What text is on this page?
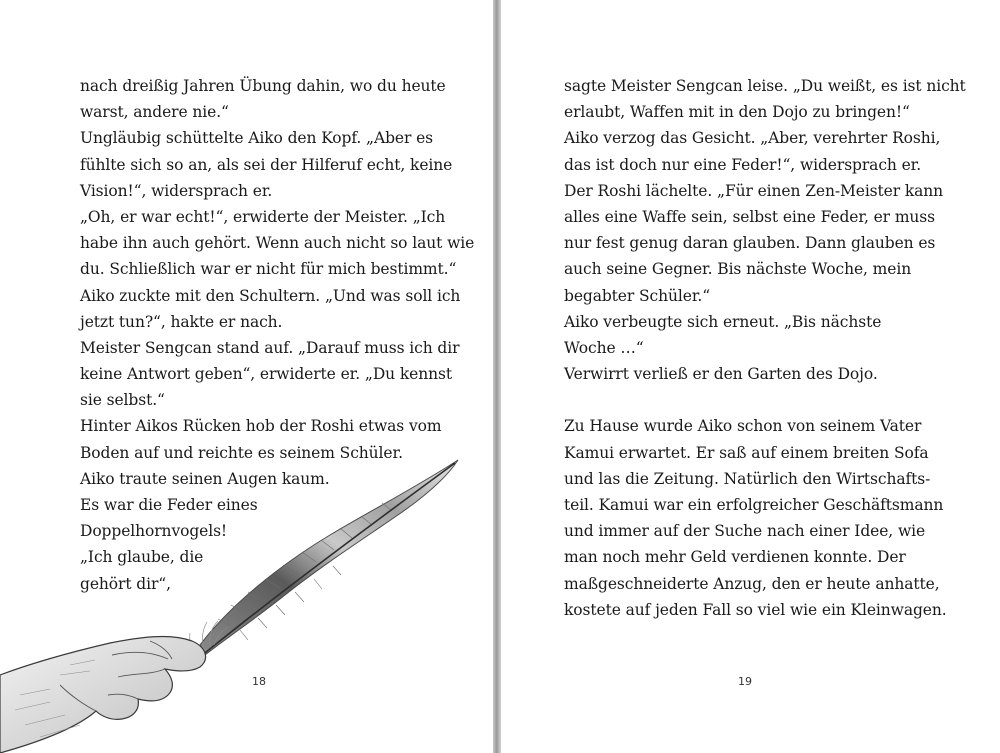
nach dreißig Jahren Übung dahin, wo du heute
warst, andere nie.“
Ungläubig schüttelte Aiko den Kopf. „Aber es
fühlte sich so an, als sei der Hilferuf echt, keine
Vision!“, widersprach er.
„Oh, er war echt!“, erwiderte der Meister. „Ich
habe ihn auch gehört. Wenn auch nicht so laut wie
du. Schließlich war er nicht für mich bestimmt.“
Aiko zuckte mit den Schultern. „Und was soll ich
jetzt tun?“, hakte er nach.
Meister Sengcan stand auf. „Darauf muss ich dir
keine Antwort geben“, erwiderte er. „Du kennst
sie selbst.“
Hinter Aikos Rücken hob der Roshi etwas vom
Boden auf und reichte es seinem Schüler.
Aiko traute seinen Augen kaum.
Es war die Feder eines
Doppelhornvogels!
„Ich glaube, die
gehört dir“,
18
sagte Meister Sengcan leise. „Du weißt, es ist nicht
erlaubt, Waffen mit in den Dojo zu bringen!“
Aiko verzog das Gesicht. „Aber, verehrter Roshi,
das ist doch nur eine Feder!“, widersprach er.
Der Roshi lächelte. „Für einen Zen-Meister kann
alles eine Waffe sein, selbst eine Feder, er muss
nur fest genug daran glauben. Dann glauben es
auch seine Gegner. Bis nächste Woche, mein
begabter Schüler.“
Aiko verbeugte sich erneut. „Bis nächste
Woche …“
Verwirrt verließ er den Garten des Dojo.
Zu Hause wurde Aiko schon von seinem Vater
Kamui erwartet. Er saß auf einem breiten Sofa
und las die Zeitung. Natürlich den Wirtschafts-
teil. Kamui war ein erfolgreicher Geschäftsmann
und immer auf der Suche nach einer Idee, wie
man noch mehr Geld verdienen konnte. Der
maßgeschneiderte Anzug, den er heute anhatte,
kostete auf jeden Fall so viel wie ein Kleinwagen.
19
